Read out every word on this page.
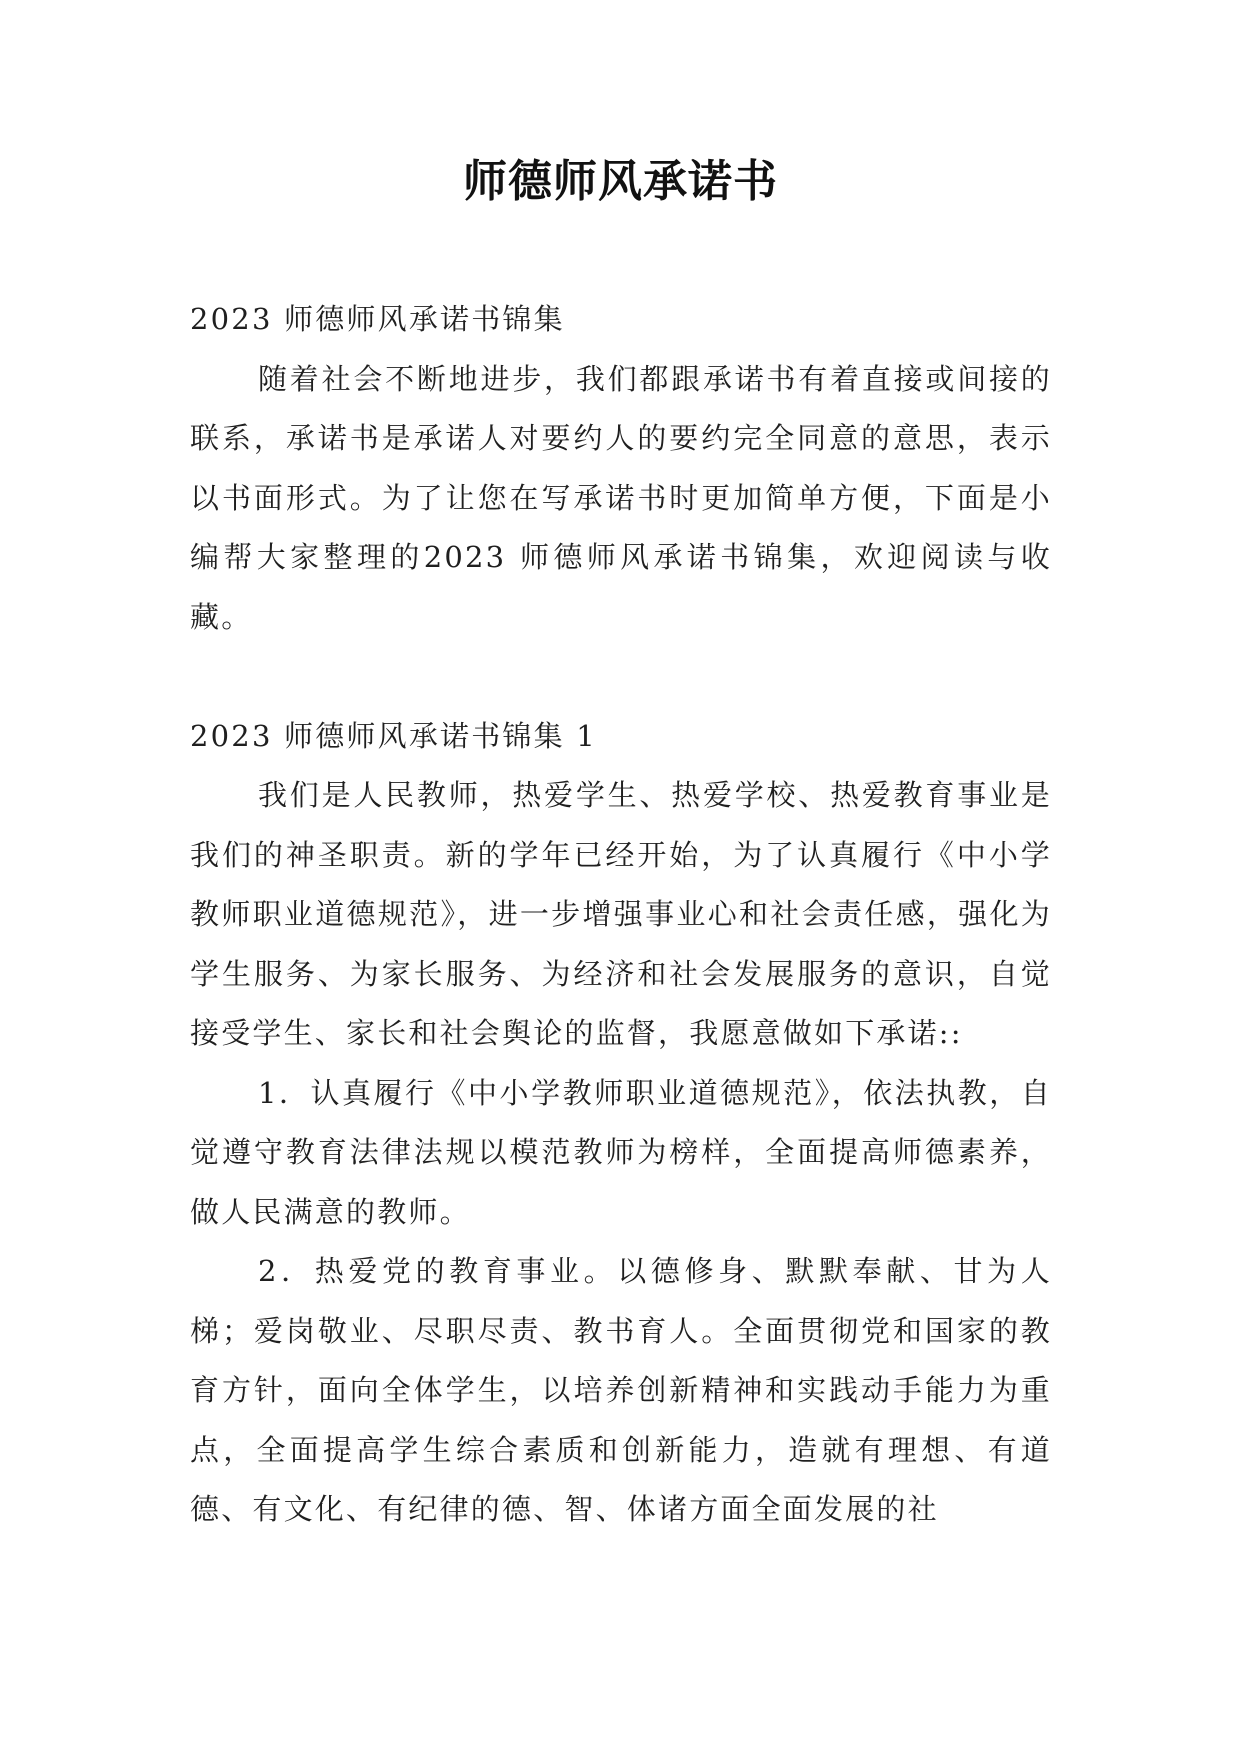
师德师风承诺书

2023 师德师风承诺书锦集

随着社会不断地进步，我们都跟承诺书有着直接或间接的联系，承诺书是承诺人对要约人的要约完全同意的意思，表示以书面形式。为了让您在写承诺书时更加简单方便，下面是小编帮大家整理的2023 师德师风承诺书锦集，欢迎阅读与收藏。

2023 师德师风承诺书锦集 1

我们是人民教师，热爱学生、热爱学校、热爱教育事业是我们的神圣职责。新的学年已经开始，为了认真履行《中小学教师职业道德规范》，进一步增强事业心和社会责任感，强化为学生服务、为家长服务、为经济和社会发展服务的意识，自觉接受学生、家长和社会舆论的监督，我愿意做如下承诺::

1．认真履行《中小学教师职业道德规范》，依法执教，自觉遵守教育法律法规以模范教师为榜样，全面提高师德素养，做人民满意的教师。

2．热爱党的教育事业。以德修身、默默奉献、甘为人梯；爱岗敬业、尽职尽责、教书育人。全面贯彻党和国家的教育方针，面向全体学生，以培养创新精神和实践动手能力为重点，全面提高学生综合素质和创新能力，造就有理想、有道德、有文化、有纪律的德、智、体诸方面全面发展的社
